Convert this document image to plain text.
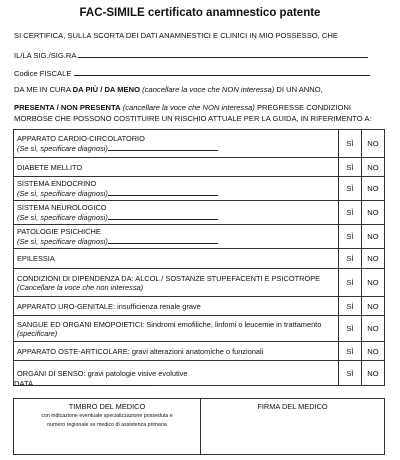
FAC-SIMILE certificato anamnestico patente
SI CERTIFICA, SULLA SCORTA DEI DATI ANAMNESTICI E CLINICI IN MIO POSSESSO, CHE
IL/LA SIG./SIG.RA
Codice FISCALE
DA ME IN CURA DA PIÙ / DA MENO (cancellare la voce che NON interessa) DI UN ANNO,
PRESENTA / NON PRESENTA (cancellare la voce che NON interessa) PREGRESSE CONDIZIONI
MORBOSE CHE POSSONO COSTITUIRE UN RISCHIO ATTUALE PER LA GUIDA, IN RIFERIMENTO A:
APPARATO CARDIO-CIRCOLATORIO
(Se sì, specificare diagnosi)	SÌ	NO
DIABETE MELLITO	SÌ	NO
SISTEMA ENDOCRINO
(Se sì, specificare diagnosi)	SÌ	NO
SISTEMA NEUROLOGICO
(Se sì, specificare diagnosi)	SÌ	NO
PATOLOGIE PSICHICHE
(Se sì, specificare diagnosi)	SÌ	NO
EPILESSIA	SÌ	NO
CONDIZIONI DI DIPENDENZA DA: ALCOL / SOSTANZE STUPEFACENTI E PSICOTROPE (Cancellare la voce che non interessa)	SÌ	NO
APPARATO URO-GENITALE: insufficienza renale grave	SÌ	NO
SANGUE ED ORGANI EMOPOIETICI: Sindromi emofiliche, linfomi o leucemie in trattamento (specificare)	SÌ	NO
APPARATO OSTE-ARTICOLARE: gravi alterazioni anatomiche o funzionali	SÌ	NO
ORGANI DI SENSO: gravi patologie visive evolutive	SÌ	NO
DATA
TIMBRO DEL MEDICO
con indicazione eventuale specializzazione posseduta e
numero regionale se medico di assistenza primaria

FIRMA DEL MEDICO
